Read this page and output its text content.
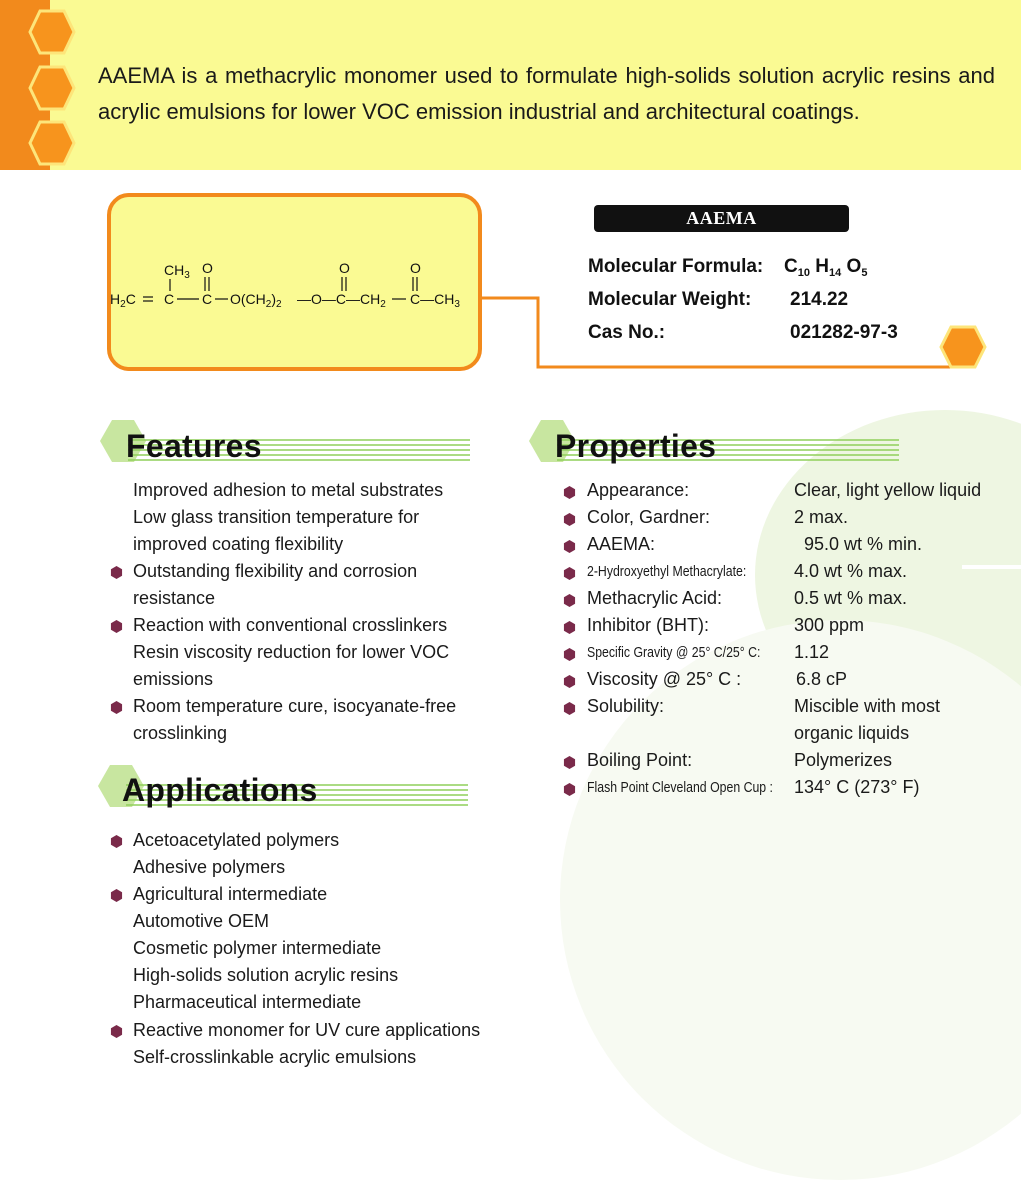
AAEMA is a methacrylic monomer used to formulate high-solids solution acrylic resins and acrylic emulsions for lower VOC emission industrial and architectural coatings.
$CH_3$ O	O	O
$H_2C$ C C $O(CH_2)_2$ $—O—C—CH_2$ $C—CH_3$
AAEMA
Molecular Formula: $C_{10}$ $H_{14}$ $O_5$
Molecular Weight: 214.22
Cas No.:	021282-97-3
Features	Properties
Applications
Improved adhesion to metal substrates
Low glass transition temperature for
improved coating flexibility
Outstanding flexibility and corrosion
resistance
Reaction with conventional crosslinkers
Resin viscosity reduction for lower VOC
emissions
Room temperature cure, isocyanate-free
crosslinking
Acetoacetylated polymers
Adhesive polymers
Agricultural intermediate
Automotive OEM
Cosmetic polymer intermediate
High-solids solution acrylic resins
Pharmaceutical intermediate
Reactive monomer for UV cure applications
Self-crosslinkable acrylic emulsions
Appearance:	Clear, light yellow liquid
Color, Gardner:	2 max.
AAEMA:	95.0 wt % min.
2-Hydroxyethyl Methacrylate:	4.0 wt % max.
Methacrylic Acid:	0.5 wt % max.
Inhibitor (BHT):	300 ppm
Specific Gravity @ 25° C/25° C: 1.12
Viscosity @ 25° C :	6.8 cP
Solubility:	Miscible with most
organic liquids
Boiling Point:	Polymerizes
Flash Point Cleveland Open Cup : 134° C (273° F)
